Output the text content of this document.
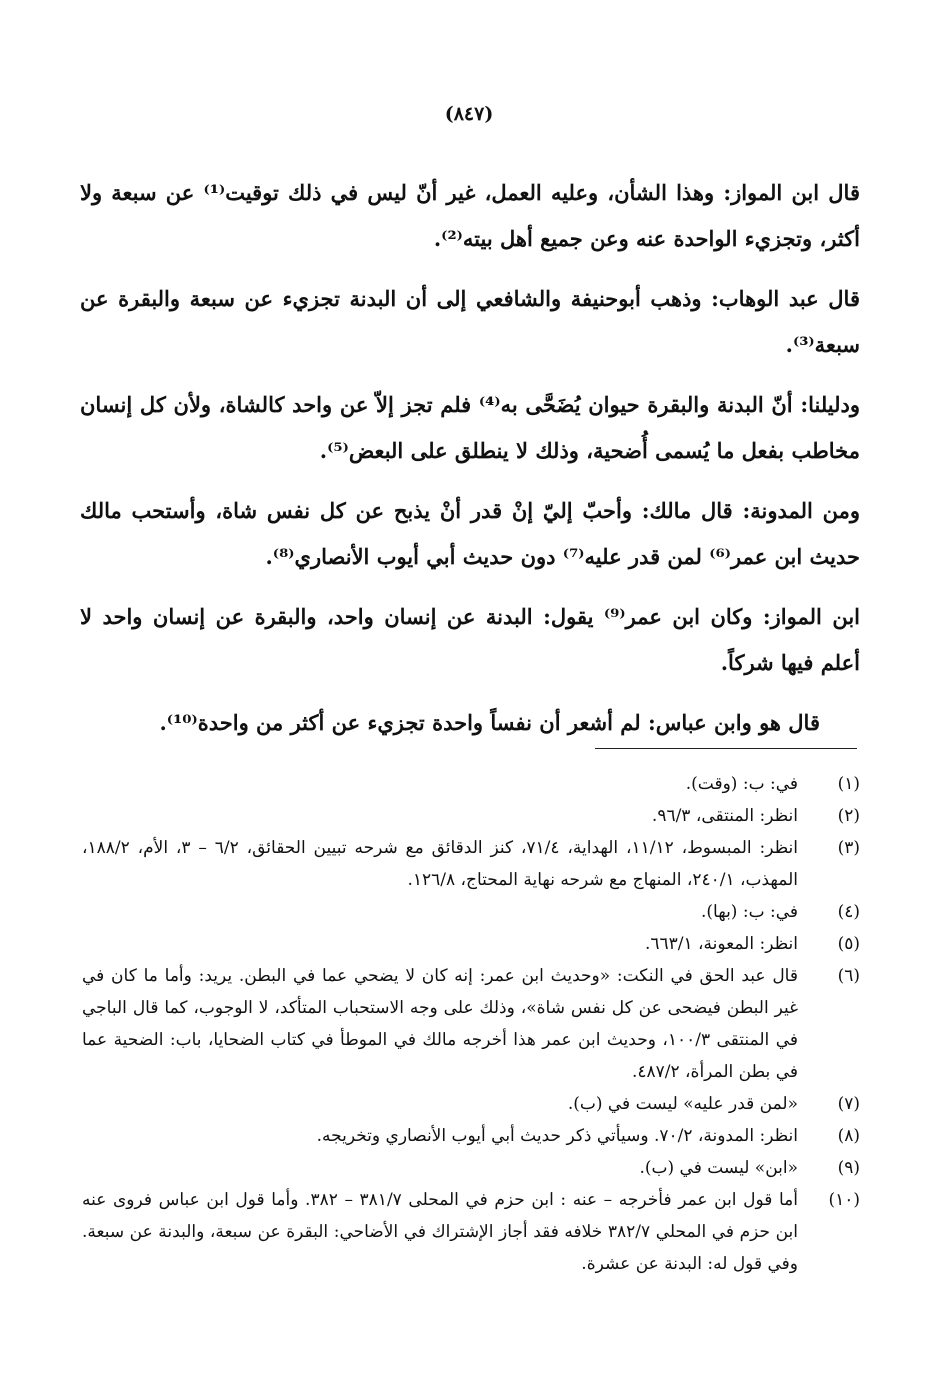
(٨٤٧)

قال ابن المواز: وهذا الشأن، وعليه العمل، غير أنّ ليس في ذلك توقيت⁽¹⁾ عن سبعة ولا أكثر، وتجزيء الواحدة عنه وعن جميع أهل بيته⁽²⁾.

قال عبد الوهاب: وذهب أبوحنيفة والشافعي إلى أن البدنة تجزيء عن سبعة والبقرة عن سبعة⁽³⁾.

ودليلنا: أنّ البدنة والبقرة حيوان يُضَحَّى به⁽⁴⁾ فلم تجز إلاّ عن واحد كالشاة، ولأن كل إنسان مخاطب بفعل ما يُسمى أُضحية، وذلك لا ينطلق على البعض⁽⁵⁾.

ومن المدونة: قال مالك: وأحبّ إليّ إنْ قدر أنْ يذبح عن كل نفس شاة، وأستحب مالك حديث ابن عمر⁽⁶⁾ لمن قدر عليه⁽⁷⁾ دون حديث أبي أيوب الأنصاري⁽⁸⁾.

ابن المواز: وكان ابن عمر⁽⁹⁾ يقول: البدنة عن إنسان واحد، والبقرة عن إنسان واحد لا أعلم فيها شركاً.

قال هو وابن عباس: لم أشعر أن نفساً واحدة تجزيء عن أكثر من واحدة⁽¹⁰⁾.

(١)
في: ب: (وقت).
(٢)
انظر: المنتقى، ٩٦/٣.
(٣)
انظر: المبسوط، ١١/١٢، الهداية، ٧١/٤، كنز الدقائق مع شرحه تبيين الحقائق، ٦/٢ – ٣، الأم، ١٨٨/٢، المهذب، ٢٤٠/١، المنهاج مع شرحه نهاية المحتاج، ١٢٦/٨.
(٤)
في: ب: (بها).
(٥)
انظر: المعونة، ٦٦٣/١.
(٦)
قال عبد الحق في النكت: «وحديث ابن عمر: إنه كان لا يضحي عما في البطن. يريد: وأما ما كان في غير البطن فيضحى عن كل نفس شاة»، وذلك على وجه الاستحباب المتأكد، لا الوجوب، كما قال الباجي في المنتقى ١٠٠/٣، وحديث ابن عمر هذا أخرجه مالك في الموطأ في كتاب الضحايا، باب: الضحية عما في بطن المرأة، ٤٨٧/٢.
(٧)
«لمن قدر عليه» ليست في (ب).
(٨)
انظر: المدونة، ٧٠/٢. وسيأتي ذكر حديث أبي أيوب الأنصاري وتخريجه.
(٩)
«ابن» ليست في (ب).
(١٠)
أما قول ابن عمر فأخرجه – عنه : ابن حزم في المحلى ٣٨١/٧ – ٣٨٢. وأما قول ابن عباس فروى عنه ابن حزم في المحلي ٣٨٢/٧ خلافه فقد أجاز الإشتراك في الأضاحي: البقرة عن سبعة، والبدنة عن سبعة. وفي قول له: البدنة عن عشرة.
